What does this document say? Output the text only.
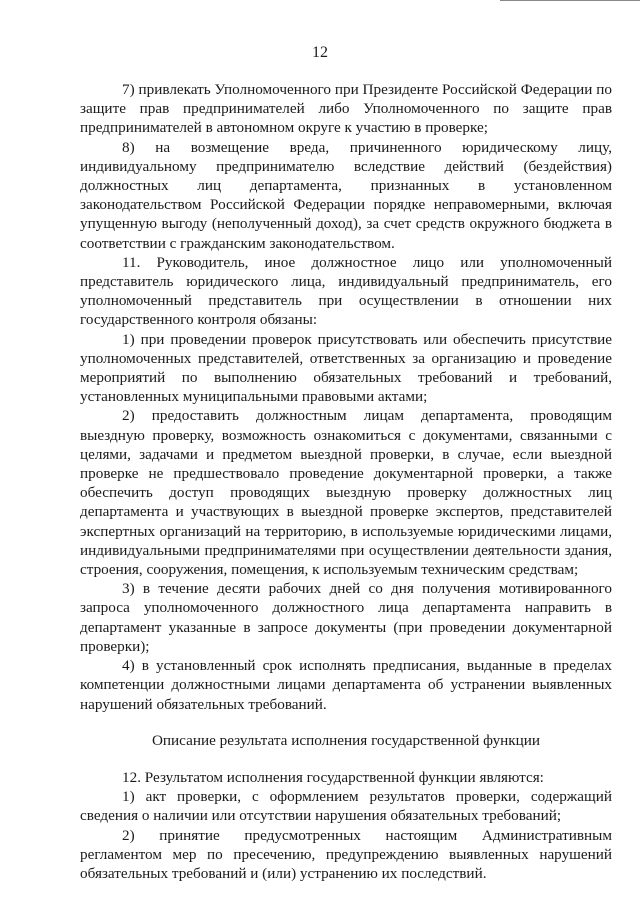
12

7) привлекать Уполномоченного при Президенте Российской Федерации по защите прав предпринимателей либо Уполномоченного по защите прав предпринимателей в автономном округе к участию в проверке;

8) на возмещение вреда, причиненного юридическому лицу, индивидуальному предпринимателю вследствие действий (бездействия) должностных лиц департамента, признанных в установленном законодательством Российской Федерации порядке неправомерными, включая упущенную выгоду (неполученный доход), за счет средств окружного бюджета в соответствии с гражданским законодательством.

11. Руководитель, иное должностное лицо или уполномоченный представитель юридического лица, индивидуальный предприниматель, его уполномоченный представитель при осуществлении в отношении них государственного контроля обязаны:

1) при проведении проверок присутствовать или обеспечить присутствие уполномоченных представителей, ответственных за организацию и проведение мероприятий по выполнению обязательных требований и требований, установленных муниципальными правовыми актами;

2) предоставить должностным лицам департамента, проводящим выездную проверку, возможность ознакомиться с документами, связанными с целями, задачами и предметом выездной проверки, в случае, если выездной проверке не предшествовало проведение документарной проверки, а также обеспечить доступ проводящих выездную проверку должностных лиц департамента и участвующих в выездной проверке экспертов, представителей экспертных организаций на территорию, в используемые юридическими лицами, индивидуальными предпринимателями при осуществлении деятельности здания, строения, сооружения, помещения, к используемым техническим средствам;

3) в течение десяти рабочих дней со дня получения мотивированного запроса уполномоченного должностного лица департамента направить в департамент указанные в запросе документы (при проведении документарной проверки);

4) в установленный срок исполнять предписания, выданные в пределах компетенции должностными лицами департамента об устранении выявленных нарушений обязательных требований.

Описание результата исполнения государственной функции

12. Результатом исполнения государственной функции являются:

1) акт проверки, с оформлением результатов проверки, содержащий сведения о наличии или отсутствии нарушения обязательных требований;

2) принятие предусмотренных настоящим Административным регламентом мер по пресечению, предупреждению выявленных нарушений обязательных требований и (или) устранению их последствий.
